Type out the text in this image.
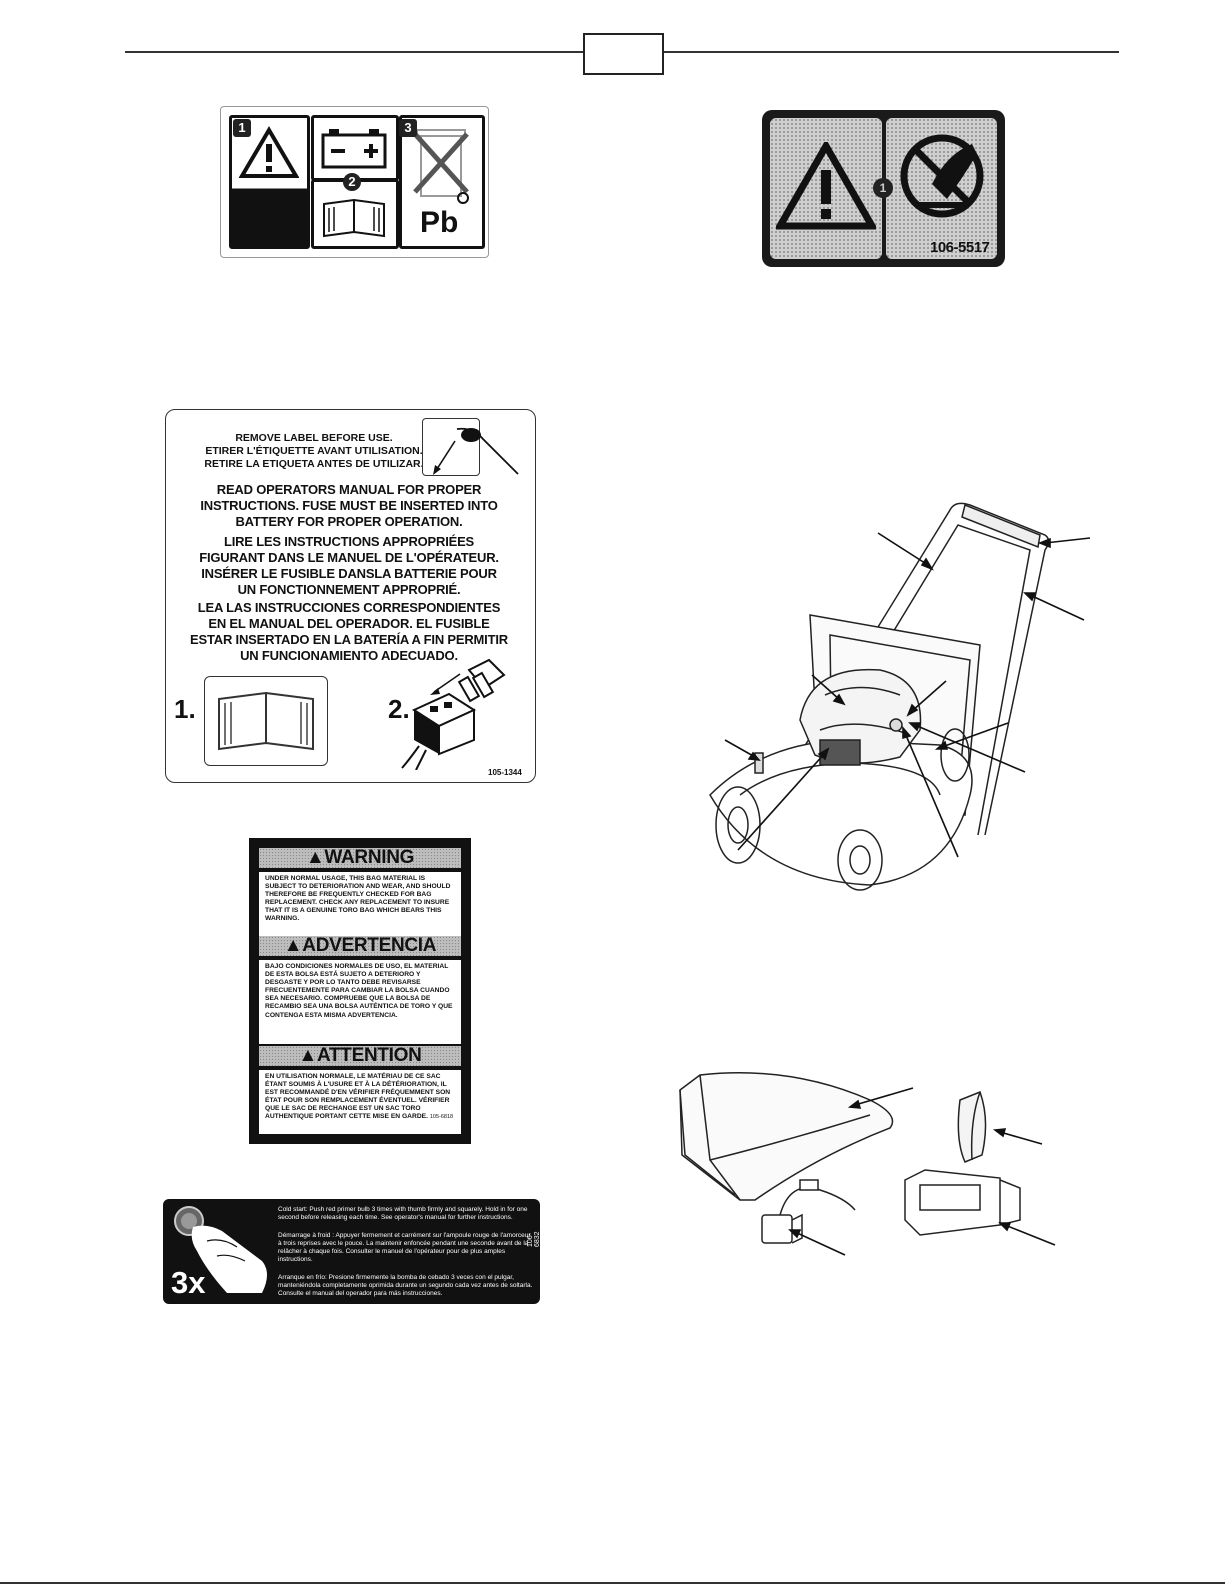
1
2
Pb
3
106-5517
1
REMOVE LABEL BEFORE USE.
ETIRER L'ÉTIQUETTE AVANT UTILISATION.
RETIRE LA ETIQUETA ANTES DE UTILIZAR.
READ OPERATORS MANUAL FOR PROPER
INSTRUCTIONS. FUSE MUST BE INSERTED INTO
BATTERY FOR PROPER OPERATION.
LIRE LES INSTRUCTIONS APPROPRIÉES
FIGURANT DANS LE MANUEL DE L'OPÉRATEUR.
INSÉRER LE FUSIBLE DANSLA BATTERIE POUR
UN FONCTIONNEMENT APPROPRIÉ.
LEA LAS INSTRUCCIONES CORRESPONDIENTES
EN EL MANUAL DEL OPERADOR. EL FUSIBLE
ESTAR INSERTADO EN LA BATERÍA A FIN PERMITIR
UN FUNCIONAMIENTO ADECUADO.
1.	2.
105-1344
▲WARNING
UNDER NORMAL USAGE, THIS BAG MATERIAL IS SUBJECT TO DETERIORATION AND WEAR, AND SHOULD THEREFORE BE FREQUENTLY CHECKED FOR BAG REPLACEMENT. CHECK ANY REPLACEMENT TO INSURE THAT IT IS A GENUINE TORO BAG WHICH BEARS THIS WARNING.
▲ADVERTENCIA
BAJO CONDICIONES NORMALES DE USO, EL MATERIAL DE ESTA BOLSA ESTÁ SUJETO A DETERIORO Y DESGASTE Y POR LO TANTO DEBE REVISARSE FRECUENTEMENTE PARA CAMBIAR LA BOLSA CUANDO SEA NECESARIO. COMPRUEBE QUE LA BOLSA DE RECAMBIO SEA UNA BOLSA AUTÉNTICA DE TORO Y QUE CONTENGA ESTA MISMA ADVERTENCIA.
▲ATTENTION
EN UTILISATION NORMALE, LE MATÉRIAU DE CE SAC ÉTANT SOUMIS À L'USURE ET À LA DÉTÉRIORATION, IL EST RECOMMANDÉ D'EN VÉRIFIER FRÉQUEMMENT SON ÉTAT POUR SON REMPLACEMENT ÉVENTUEL. VÉRIFIER QUE LE SAC DE RECHANGE EST UN SAC TORO AUTHENTIQUE PORTANT CETTE MISE EN GARDE. 105-6818
3x
Cold start: Push red primer bulb 3 times with thumb firmly and squarely. Hold in for one second before releasing each time. See operator's manual for further instructions.
Démarrage à froid : Appuyer fermement et carrément sur l'ampoule rouge de l'amorceur à trois reprises avec le pouce. La maintenir enfoncée pendant une seconde avant de la relâcher à chaque fois. Consulter le manuel de l'opérateur pour de plus amples instructions.
Arranque en frío: Presione firmemente la bomba de cebado 3 veces con el pulgar, manteniéndola completamente oprimida durante un segundo cada vez antes de soltarla. Consulte el manual del operador para más instrucciones.
106-6832
